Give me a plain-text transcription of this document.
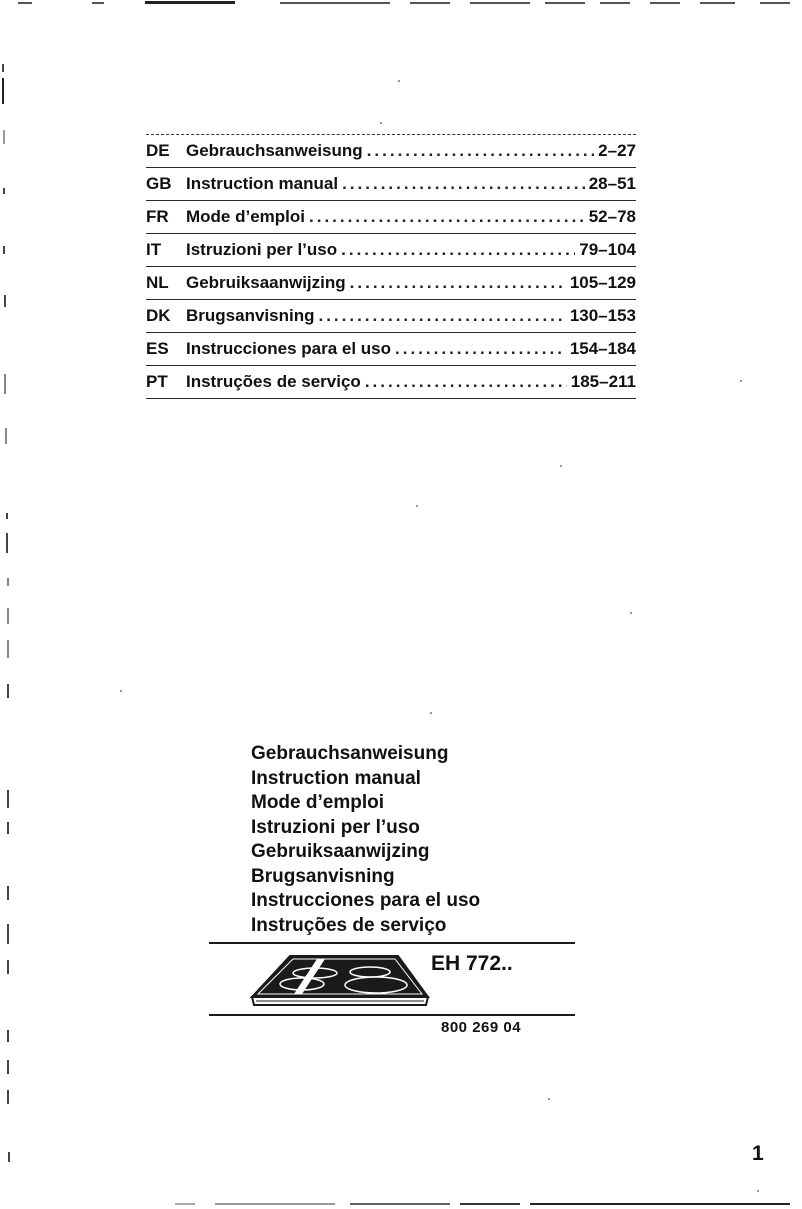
DE Gebrauchsanweisung .....	2–27
GB Instruction manual .....	28–51
FR	Mode d’emploi .....	52–78
IT	Istruzioni per l’uso .....	79–104
NL	Gebruiksaanwijzing .....	105–129
DK Brugsanvisning .....	130–153
ES	Instrucciones para el uso .....	154–184
PT	Instruções de serviço .....	185–211
Gebrauchsanweisung
Instruction manual
Mode d’emploi
Istruzioni per l’uso
Gebruiksaanwijzing
Brugsanvisning
Instrucciones para el uso
Instruções de serviço
EH 772..
800 269 04
1
